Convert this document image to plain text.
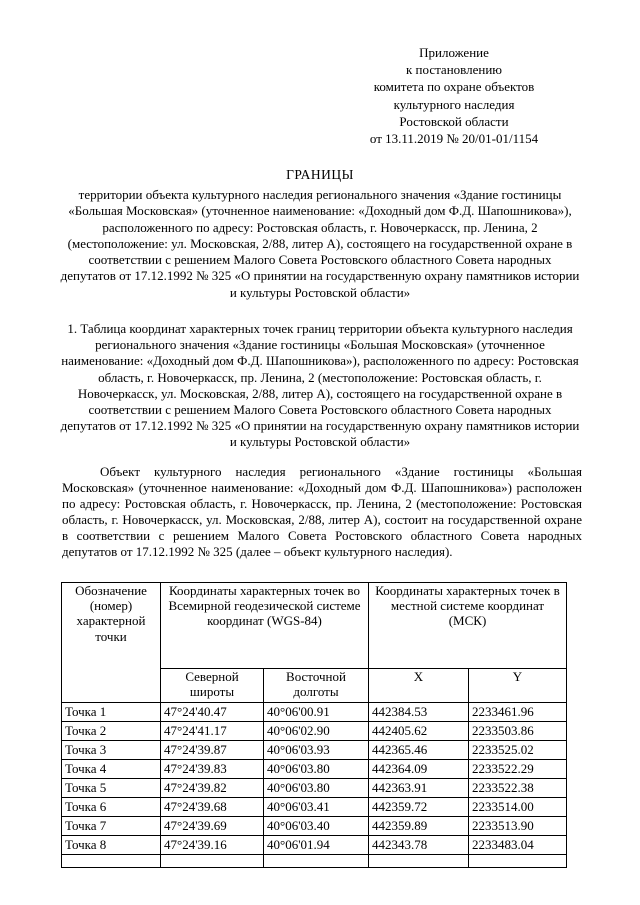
Приложение
к постановлению
комитета по охране объектов
культурного наследия
Ростовской области
от 13.11.2019 № 20/01-01/1154
ГРАНИЦЫ
территории объекта культурного наследия регионального значения «Здание гостиницы «Большая Московская» (уточненное наименование: «Доходный дом Ф.Д. Шапошникова»), расположенного по адресу: Ростовская область, г. Новочеркасск, пр. Ленина, 2 (местоположение: ул. Московская, 2/88, литер А), состоящего на государственной охране в соответствии с решением Малого Совета Ростовского областного Совета народных депутатов от 17.12.1992 № 325 «О принятии на государственную охрану памятников истории и культуры Ростовской области»
1. Таблица координат характерных точек границ территории объекта культурного наследия регионального значения «Здание гостиницы «Большая Московская» (уточненное наименование: «Доходный дом Ф.Д. Шапошникова»), расположенного по адресу: Ростовская область, г. Новочеркасск, пр. Ленина, 2 (местоположение: Ростовская область, г. Новочеркасск, ул. Московская, 2/88, литер А), состоящего на государственной охране в соответствии с решением Малого Совета Ростовского областного Совета народных депутатов от 17.12.1992 № 325 «О принятии на государственную охрану памятников истории и культуры Ростовской области»
Объект культурного наследия регионального «Здание гостиницы «Большая Московская» (уточненное наименование: «Доходный дом Ф.Д. Шапошникова») расположен по адресу: Ростовская область, г. Новочеркасск, пр. Ленина, 2 (местоположение: Ростовская область, г. Новочеркасск, ул. Московская, 2/88, литер А), состоит на государственной охране в соответствии с решением Малого Совета Ростовского областного Совета народных депутатов от 17.12.1992 № 325 (далее – объект культурного наследия).
Обозначение (номер) характерной точки	Координаты характерных точек во Всемирной геодезической системе координат (WGS-84)		Координаты характерных точек в местной системе координат (МСК)	
	Северной широты	Восточной долготы	X	Y
Точка 1	47°24'40.47	40°06'00.91	442384.53	2233461.96
Точка 2	47°24'41.17	40°06'02.90	442405.62	2233503.86
Точка 3	47°24'39.87	40°06'03.93	442365.46	2233525.02
Точка 4	47°24'39.83	40°06'03.80	442364.09	2233522.29
Точка 5	47°24'39.82	40°06'03.80	442363.91	2233522.38
Точка 6	47°24'39.68	40°06'03.41	442359.72	2233514.00
Точка 7	47°24'39.69	40°06'03.40	442359.89	2233513.90
Точка 8	47°24'39.16	40°06'01.94	442343.78	2233483.04
